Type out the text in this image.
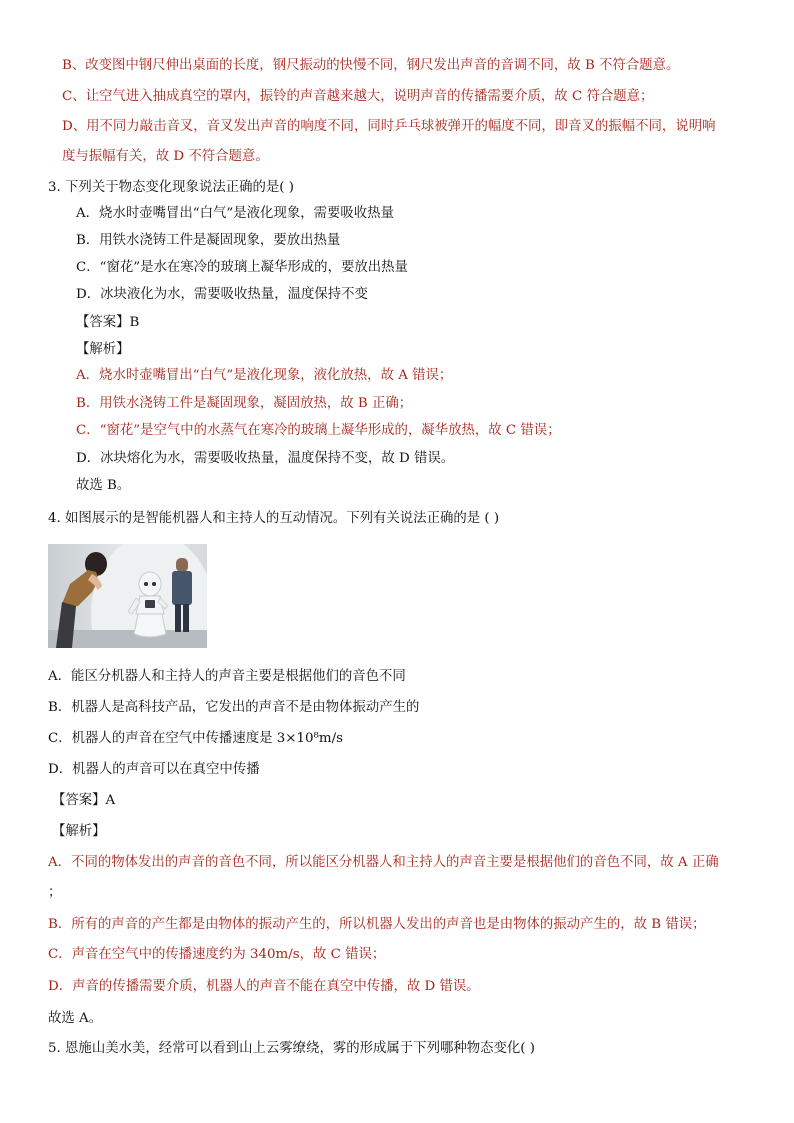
B、改变图中钢尺伸出桌面的长度，钢尺振动的快慢不同，钢尺发出声音的音调不同，故 B 不符合题意。
C、让空气进入抽成真空的罩内，振铃的声音越来越大，说明声音的传播需要介质，故 C 符合题意；
D、用不同力敲击音叉，音叉发出声音的响度不同，同时乒乓球被弹开的幅度不同，即音叉的振幅不同，说明响
度与振幅有关，故 D 不符合题意。
3. 下列关于物态变化现象说法正确的是( )
A．烧水时壶嘴冒出“白气”是液化现象，需要吸收热量
B．用铁水浇铸工件是凝固现象，要放出热量
C．“窗花”是水在寒冷的玻璃上凝华形成的，要放出热量
D．冰块液化为水，需要吸收热量，温度保持不变
【答案】B
【解析】
A．烧水时壶嘴冒出“白气”是液化现象，液化放热，故 A 错误；
B．用铁水浇铸工件是凝固现象，凝固放热，故 B 正确；
C．“窗花”是空气中的水蒸气在寒冷的玻璃上凝华形成的，凝华放热，故 C 错误；
D．冰块熔化为水，需要吸收热量，温度保持不变，故 D 错误。
故选 B。
4. 如图展示的是智能机器人和主持人的互动情况。下列有关说法正确的是 ( )
A．能区分机器人和主持人的声音主要是根据他们的音色不同
B．机器人是高科技产品，它发出的声音不是由物体振动产生的
C．机器人的声音在空气中传播速度是 3×10⁸m/s
D．机器人的声音可以在真空中传播
【答案】A
【解析】
A．不同的物体发出的声音的音色不同，所以能区分机器人和主持人的声音主要是根据他们的音色不同，故 A 正确
；
B．所有的声音的产生都是由物体的振动产生的，所以机器人发出的声音也是由物体的振动产生的，故 B 错误；
C．声音在空气中的传播速度约为 340m/s，故 C 错误；
D．声音的传播需要介质，机器人的声音不能在真空中传播，故 D 错误。
故选 A。
5. 恩施山美水美，经常可以看到山上云雾缭绕，雾的形成属于下列哪种物态变化( )
